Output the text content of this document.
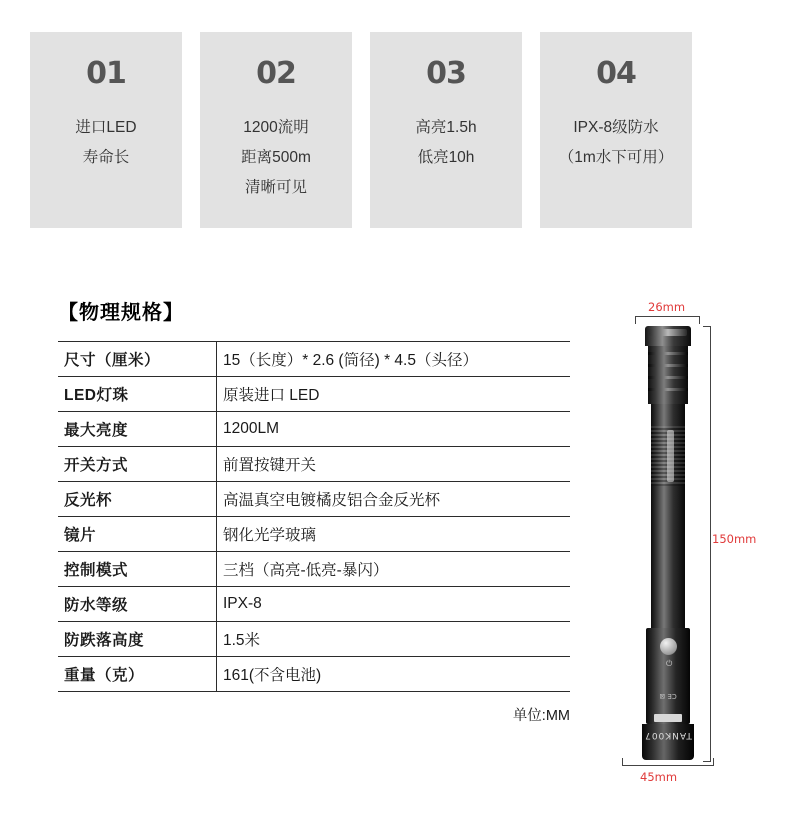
01
进口LED
寿命长
02
1200流明
距离500m
清晰可见
03
高亮1.5h
低亮10h
04
IPX-8级防水
（1m水下可用）
【物理规格】
尺寸（厘米）	15（长度）* 2.6 (筒径) * 4.5（头径）
LED灯珠	原装进口 LED
最大亮度	1200LM
开关方式	前置按键开关
反光杯	高温真空电镀橘皮铝合金反光杯
镜片	钢化光学玻璃
控制模式	三档（高亮-低亮-暴闪）
防水等级	IPX-8
防跌落高度	1.5米
重量（克）	161(不含电池)
单位:MM
26mm
150mm
45mm
⏻
CE ⊠
TANK007
